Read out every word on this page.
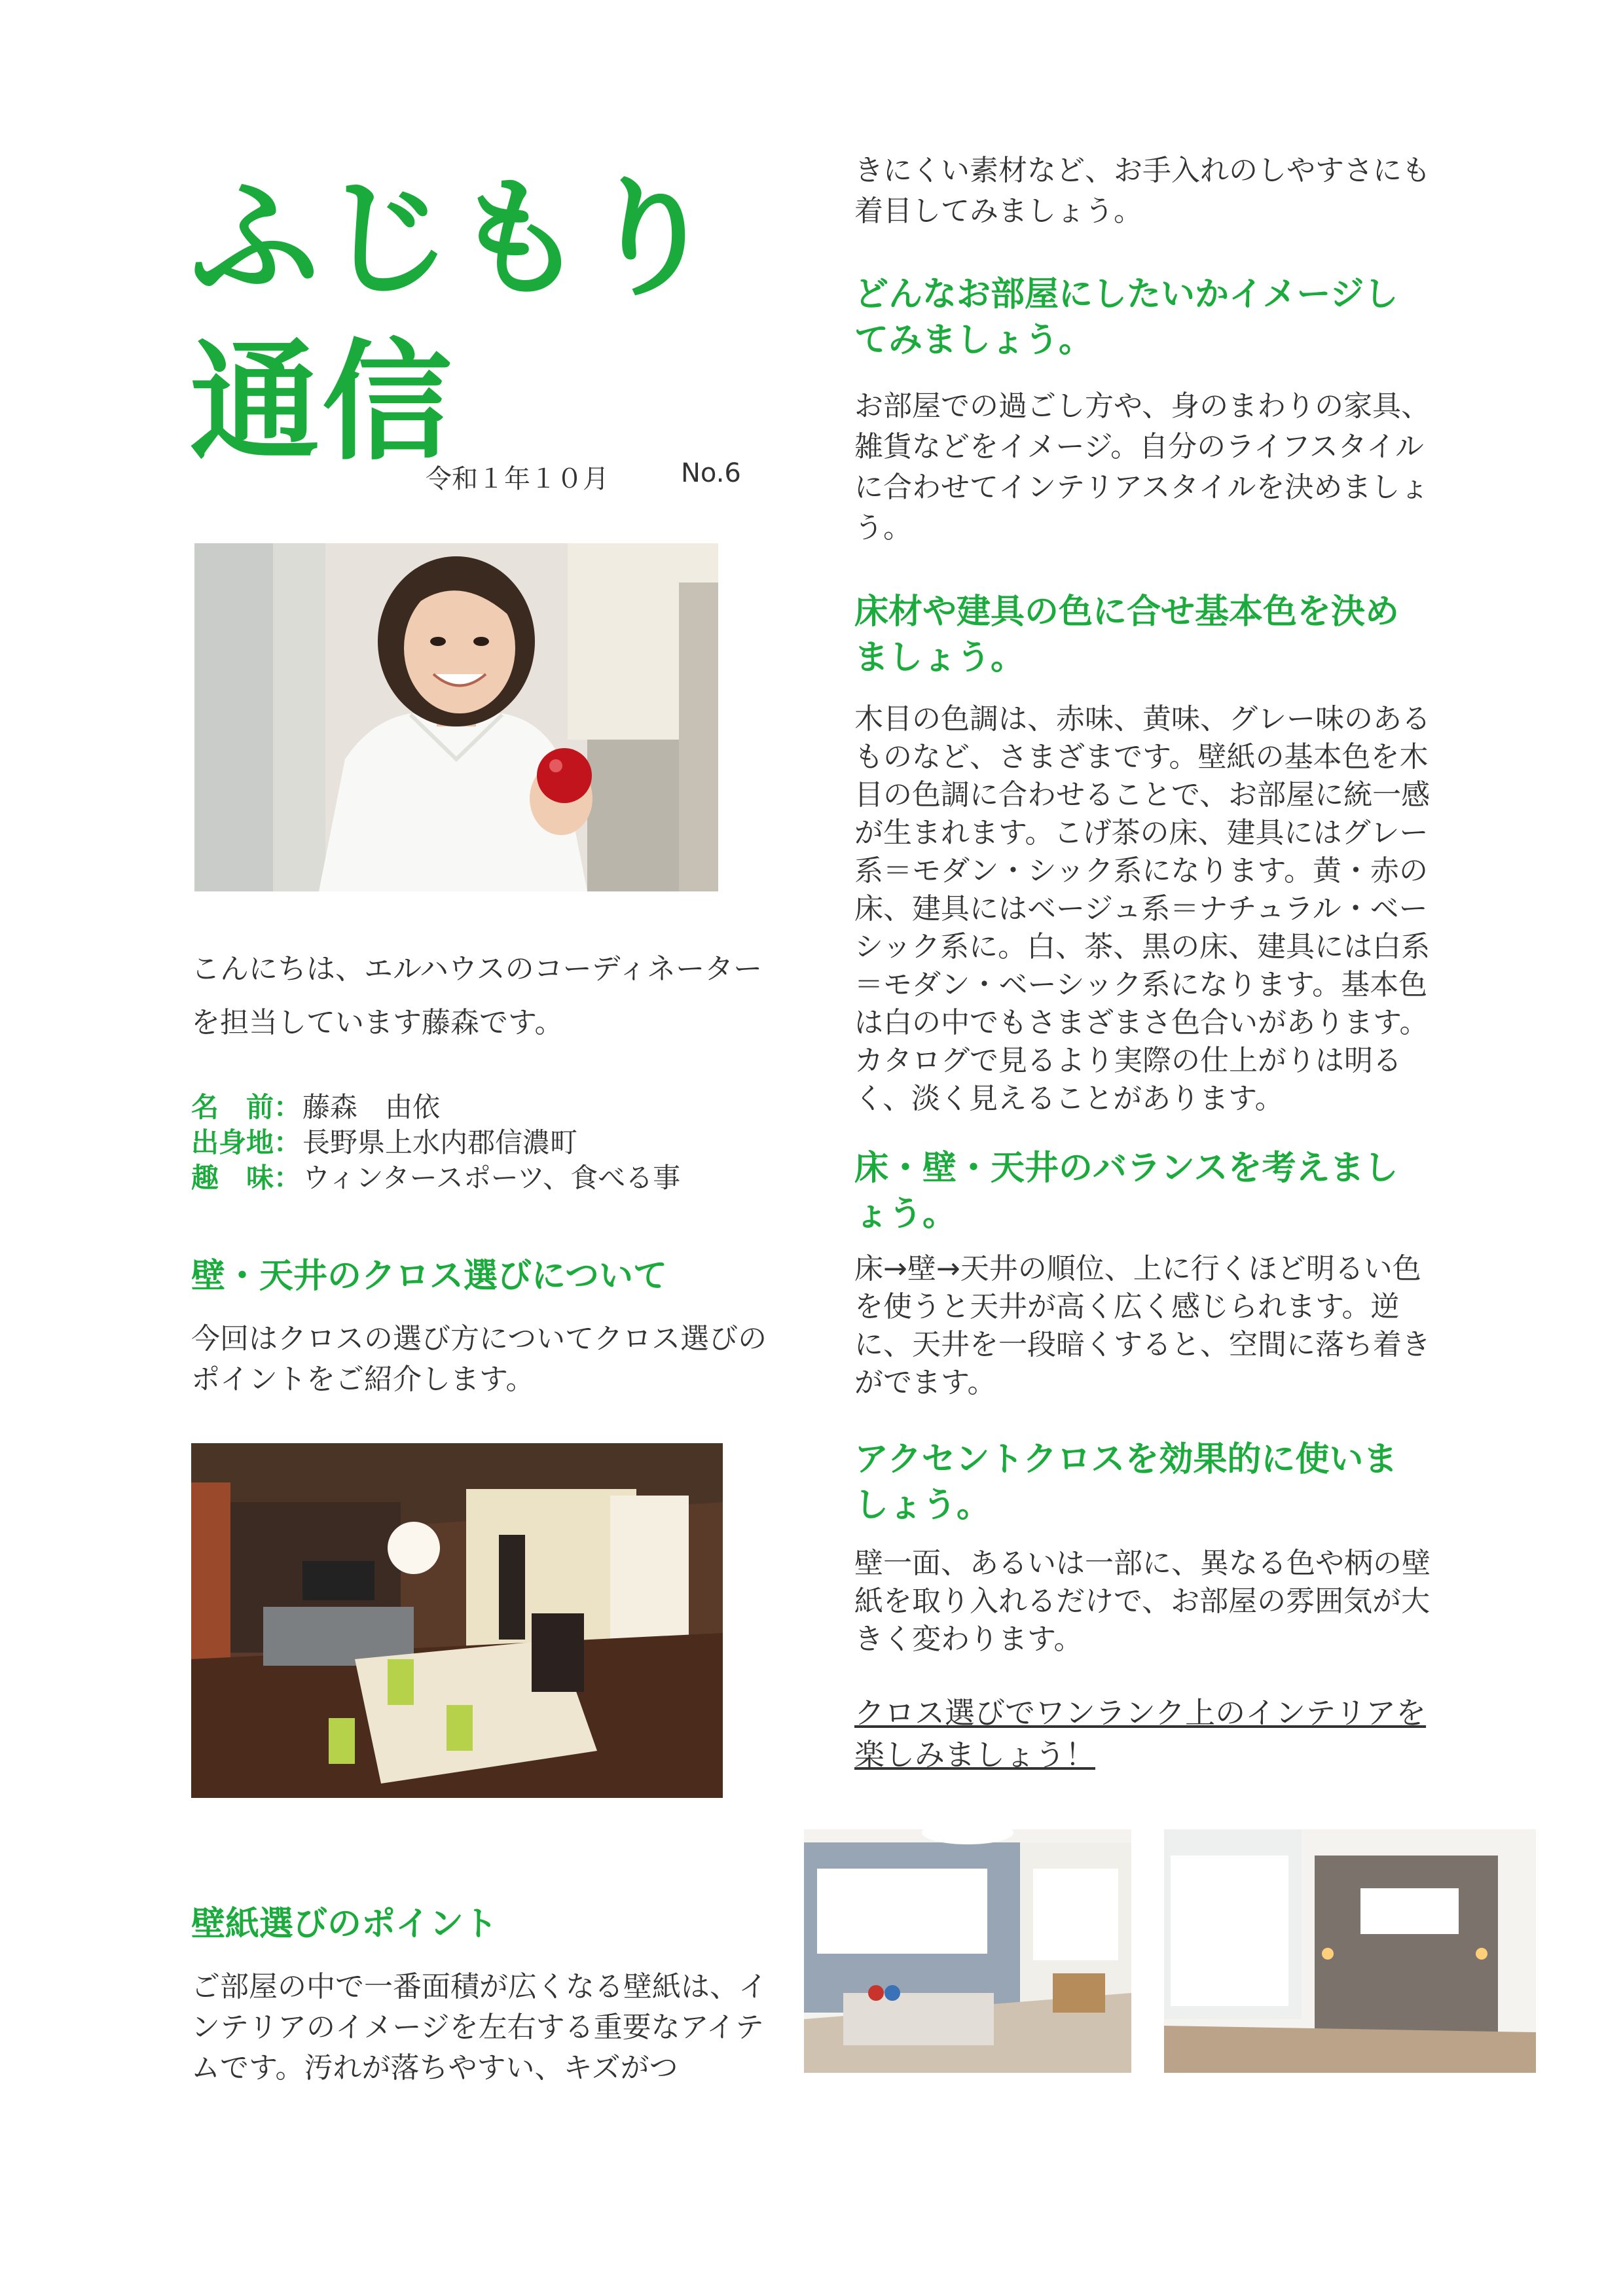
ふじもり
通信
令和１年１０月	No.6
こんにちは、エルハウスのコーディネーターを担当しています藤森です。
名　前：藤森　由依
出身地：長野県上水内郡信濃町
趣　味：ウィンタースポーツ、食べる事
壁・天井のクロス選びについて
今回はクロスの選び方についてクロス選びのポイントをご紹介します。
壁紙選びのポイント
ご部屋の中で一番面積が広くなる壁紙は、インテリアのイメージを左右する重要なアイテムです。汚れが落ちやすい、キズがつ
きにくい素材など、お手入れのしやすさにも着目してみましょう。
どんなお部屋にしたいかイメージしてみましょう。
お部屋での過ごし方や、身のまわりの家具、雑貨などをイメージ。自分のライフスタイルに合わせてインテリアスタイルを決めましょう。
床材や建具の色に合せ基本色を決めましょう。
木目の色調は、赤味、黄味、グレー味のあるものなど、さまざまです。壁紙の基本色を木目の色調に合わせることで、お部屋に統一感が生まれます。こげ茶の床、建具にはグレー系＝モダン・シック系になります。黄・赤の床、建具にはベージュ系＝ナチュラル・ベーシック系に。白、茶、黒の床、建具には白系＝モダン・ベーシック系になります。基本色は白の中でもさまざまさ色合いがあります。カタログで見るより実際の仕上がりは明るく、淡く見えることがあります。
床・壁・天井のバランスを考えましょう。
床→壁→天井の順位、上に行くほど明るい色を使うと天井が高く広く感じられます。逆に、天井を一段暗くすると、空間に落ち着きがでます。
アクセントクロスを効果的に使いましょう。
壁一面、あるいは一部に、異なる色や柄の壁紙を取り入れるだけで、お部屋の雰囲気が大きく変わります。
クロス選びでワンランク上のインテリアを楽しみましょう！
